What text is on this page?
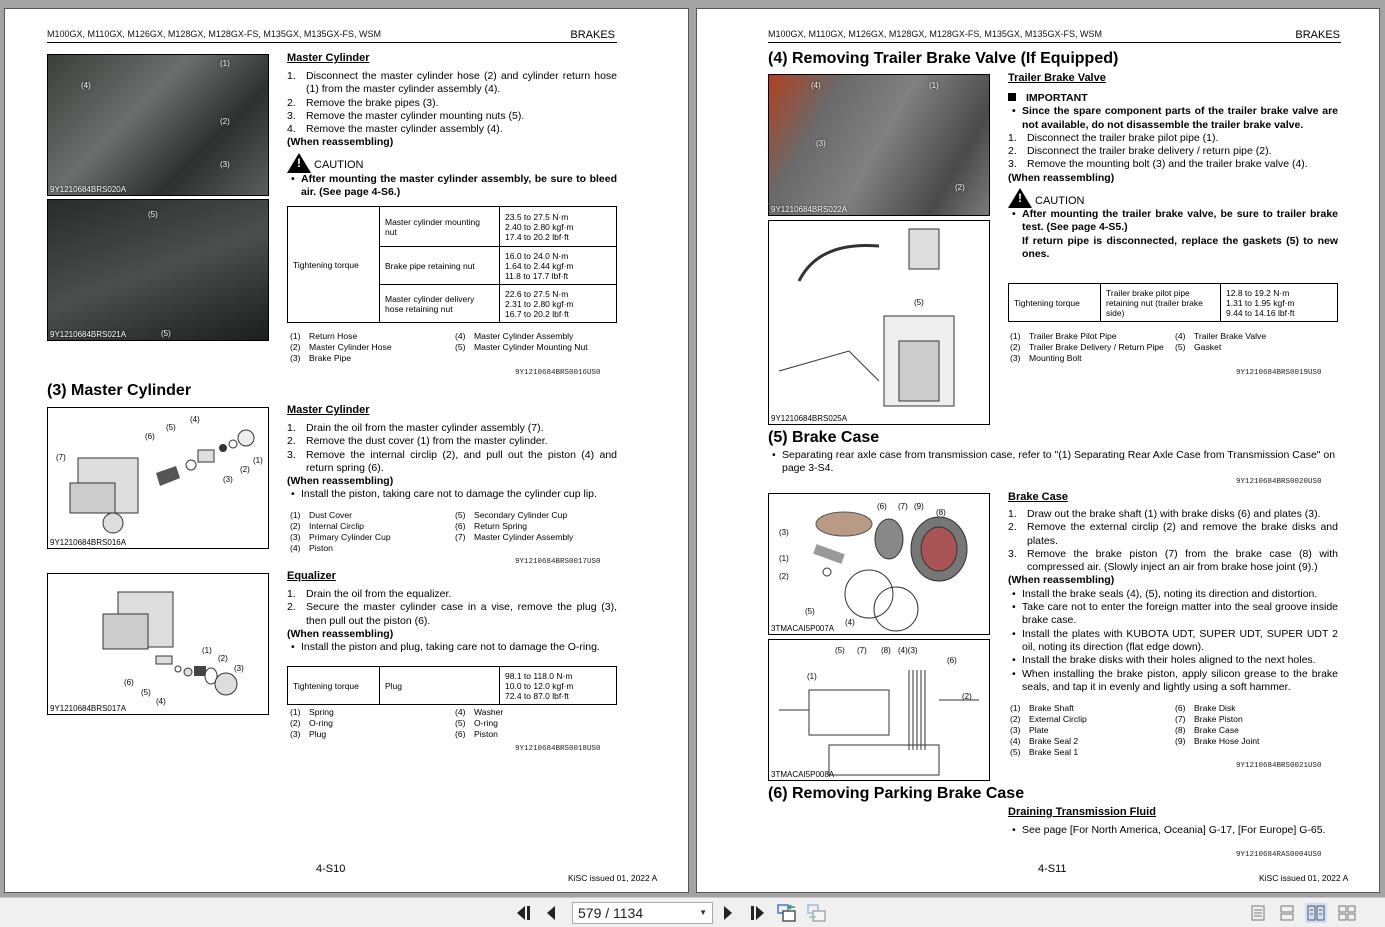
M100GX, M110GX, M126GX, M128GX, M128GX-FS, M135GX, M135GX-FS, WSM	BRAKES
(1)
(4)
(2)
(3)
9Y1210684BRS020A
(5)
(5)
9Y1210684BRS021A
Master Cylinder
1. Disconnect the master cylinder hose (2) and cylinder return hose (1) from the master cylinder assembly (4).
2. Remove the brake pipes (3).
3. Remove the master cylinder mounting nuts (5).
4. Remove the master cylinder assembly (4).
(When reassembling)
!
CAUTION
• After mounting the master cylinder assembly, be sure to bleed air. (See page 4-S6.)
Tightening torque	Master cylinder mounting nut	23.5 to 27.5 N·m
2.40 to 2.80 kgf·m
17.4 to 20.2 lbf·ft

	Brake pipe retaining nut	16.0 to 24.0 N·m
1.64 to 2.44 kgf·m
11.8 to 17.7 lbf·ft

	Master cylinder delivery hose retaining nut	22.6 to 27.5 N·m
2.31 to 2.80 kgf·m
16.7 to 20.2 lbf·ft
(1) Return Hose	(4) Master Cylinder Assembly
(2) Master Cylinder Hose	(5) Master Cylinder Mounting Nut
(3) Brake Pipe
9Y1210684BRS0016US0
(3) Master Cylinder
(4)
(6)
(5)
(7)	(1)
(2)
(3)
9Y1210684BRS016A
Master Cylinder
1. Drain the oil from the master cylinder assembly (7).
2. Remove the dust cover (1) from the master cylinder.
3. Remove the internal circlip (2), and pull out the piston (4) and return spring (6).
(When reassembling)
• Install the piston, taking care not to damage the cylinder cup lip.
(1) Dust Cover	(5) Secondary Cylinder Cup
(2) Internal Circlip	(6) Return Spring
(3) Primary Cylinder Cup	(7) Master Cylinder Assembly
(4) Piston
9Y1210684BRS0017US0
(1)
(2)
(3)
(6)
(5)
(4)
9Y1210684BRS017A
Equalizer
1. Drain the oil from the equalizer.
2. Secure the master cylinder case in a vise, remove the plug (3), then pull out the piston (6).
(When reassembling)
• Install the piston and plug, taking care not to damage the O-ring.
Tightening torque	Plug	
98.1 to 118.0 N·m
10.0 to 12.0 kgf·m
72.4 to 87.0 lbf·ft
(1) Spring	(4) Washer
(2) O-ring	(5) O-ring
(3) Plug	(6) Piston
9Y1210684BRS0018US0
4-S10
KiSC issued 01, 2022 A
M100GX, M110GX, M126GX, M128GX, M128GX-FS, M135GX, M135GX-FS, WSM	BRAKES
(4) Removing Trailer Brake Valve (If Equipped)
(4)	(1)
(3)
(2)
9Y1210684BRS022A
(5)
9Y1210684BRS025A
Trailer Brake Valve
IMPORTANT
• Since the spare component parts of the trailer brake valve are not available, do not disassemble the trailer brake valve.
1. Disconnect the trailer brake pilot pipe (1).
2. Disconnect the trailer brake delivery / return pipe (2).
3. Remove the mounting bolt (3) and the trailer brake valve (4).
(When reassembling)
!
CAUTION
• After mounting the trailer brake valve, be sure to trailer brake test. (See page 4-S5.)
If return pipe is disconnected, replace the gaskets (5) to new ones.
Tightening torque	Trailer brake pilot pipe retaining nut (trailer brake side)	
12.8 to 19.2 N·m
1.31 to 1.95 kgf·m
9.44 to 14.16 lbf·ft
(1) Trailer Brake Pilot Pipe	(4) Trailer Brake Valve
(2) Trailer Brake Delivery / Return Pipe	(5) Gasket
(3) Mounting Bolt
9Y1210684BRS0019US0
(5) Brake Case
• Separating rear axle case from transmission case, refer to "(1) Separating Rear Axle Case from Transmission Case" on page 3-S4.
9Y1210684BRS0020US0
(6) (7) (9)
(8)
(3)
(1)
(2)
(5)
(4)
3TMACAI5P007A
(5) (7) (8) (4)(3)
(6)
(1)
(2)
3TMACAI5P008A
Brake Case
1. Draw out the brake shaft (1) with brake disks (6) and plates (3).
2. Remove the external circlip (2) and remove the brake disks and plates.
3. Remove the brake piston (7) from the brake case (8) with compressed air. (Slowly inject an air from brake hose joint (9).)
(When reassembling)
• Install the brake seals (4), (5), noting its direction and distortion.
• Take care not to enter the foreign matter into the seal groove inside brake case.
• Install the plates with KUBOTA UDT, SUPER UDT, SUPER UDT 2 oil, noting its direction (flat edge down).
• Install the brake disks with their holes aligned to the next holes.
• When installing the brake piston, apply silicon grease to the brake seals, and tap it in evenly and lightly using a soft hammer.
(1) Brake Shaft	(6) Brake Disk
(2) External Circlip	(7) Brake Piston
(3) Plate	(8) Brake Case
(4) Brake Seal 2	(9) Brake Hose Joint
(5) Brake Seal 1
9Y1210684BRS0021US0
(6) Removing Parking Brake Case
Draining Transmission Fluid
• See page [For North America, Oceania] G-17, [For Europe] G-65.
9Y1210684RAS0004US0
4-S11
KiSC issued 01, 2022 A
579 / 1134	▼
